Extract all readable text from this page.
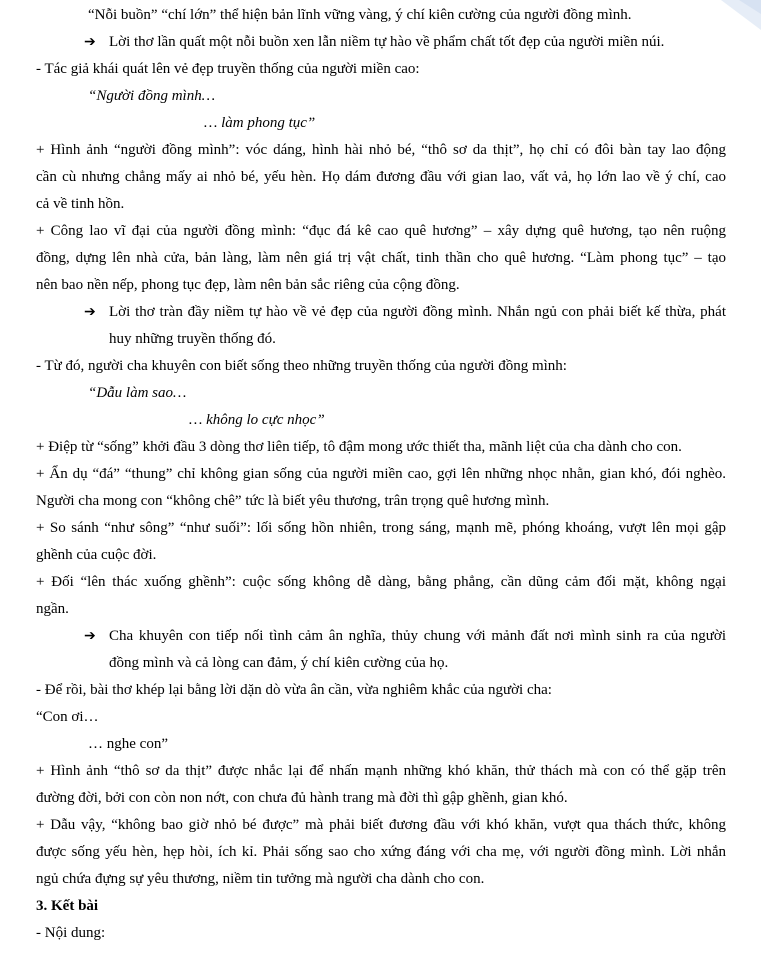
“Nỗi buồn” “chí lớn” thể hiện bản lĩnh vững vàng, ý chí kiên cường của người đồng mình.
➔ Lời thơ lần quất một nỗi buồn xen lẫn niềm tự hào về phẩm chất tốt đẹp của người miền núi.
- Tác giả khái quát lên vẻ đẹp truyền thống của người miền cao:
“Người đồng mình…
… làm phong tục”
+ Hình ảnh “người đồng mình”: vóc dáng, hình hài nhỏ bé, “thô sơ da thịt”, họ chỉ có đôi bàn tay lao động
cần cù nhưng chẳng mấy ai nhỏ bé, yếu hèn. Họ dám đương đầu với gian lao, vất vả, họ lớn lao về ý chí, cao
cả về tinh hồn.
+ Công lao vĩ đại của người đồng mình: “đục đá kê cao quê hương” – xây dựng quê hương, tạo nên ruộng
đồng, dựng lên nhà cửa, bản làng, làm nên giá trị vật chất, tinh thần cho quê hương. “Làm phong tục” – tạo
nên bao nền nếp, phong tục đẹp, làm nên bản sắc riêng của cộng đồng.
➔ Lời thơ tràn đầy niềm tự hào về vẻ đẹp của người đồng mình. Nhắn ngủ con phải biết kế thừa, phát
huy những truyền thống đó.
- Từ đó, người cha khuyên con biết sống theo những truyền thống của người đồng mình:
“Dẫu làm sao…
… không lo cực nhọc”
+ Điệp từ “sống” khởi đầu 3 dòng thơ liên tiếp, tô đậm mong ước thiết tha, mãnh liệt của cha dành cho con.
+ Ẩn dụ “đá” “thung” chỉ không gian sống của người miền cao, gợi lên những nhọc nhằn, gian khó, đói nghèo.
Người cha mong con “không chê” tức là biết yêu thương, trân trọng quê hương mình.
+ So sánh “như sông” “như suối”: lối sống hồn nhiên, trong sáng, mạnh mẽ, phóng khoáng, vượt lên mọi gập
ghềnh của cuộc đời.
+ Đối “lên thác xuống ghềnh”: cuộc sống không dễ dàng, bằng phẳng, cần dũng cảm đối mặt, không ngại
ngần.
➔ Cha khuyên con tiếp nối tình cảm ân nghĩa, thủy chung với mảnh đất nơi mình sinh ra của người
đồng mình và cả lòng can đảm, ý chí kiên cường của họ.
- Để rồi, bài thơ khép lại bằng lời dặn dò vừa ân cần, vừa nghiêm khắc của người cha:
“Con ơi…
… nghe con”
+ Hình ảnh “thô sơ da thịt” được nhắc lại để nhấn mạnh những khó khăn, thử thách mà con có thể gặp trên
đường đời, bởi con còn non nớt, con chưa đủ hành trang mà đời thì gập ghềnh, gian khó.
+ Dẫu vậy, “không bao giờ nhỏ bé được” mà phải biết đương đầu với khó khăn, vượt qua thách thức, không
được sống yếu hèn, hẹp hòi, ích kỉ. Phải sống sao cho xứng đáng với cha mẹ, với người đồng mình. Lời nhắn
ngủ chứa đựng sự yêu thương, niềm tin tưởng mà người cha dành cho con.
3. Kết bài
- Nội dung:
